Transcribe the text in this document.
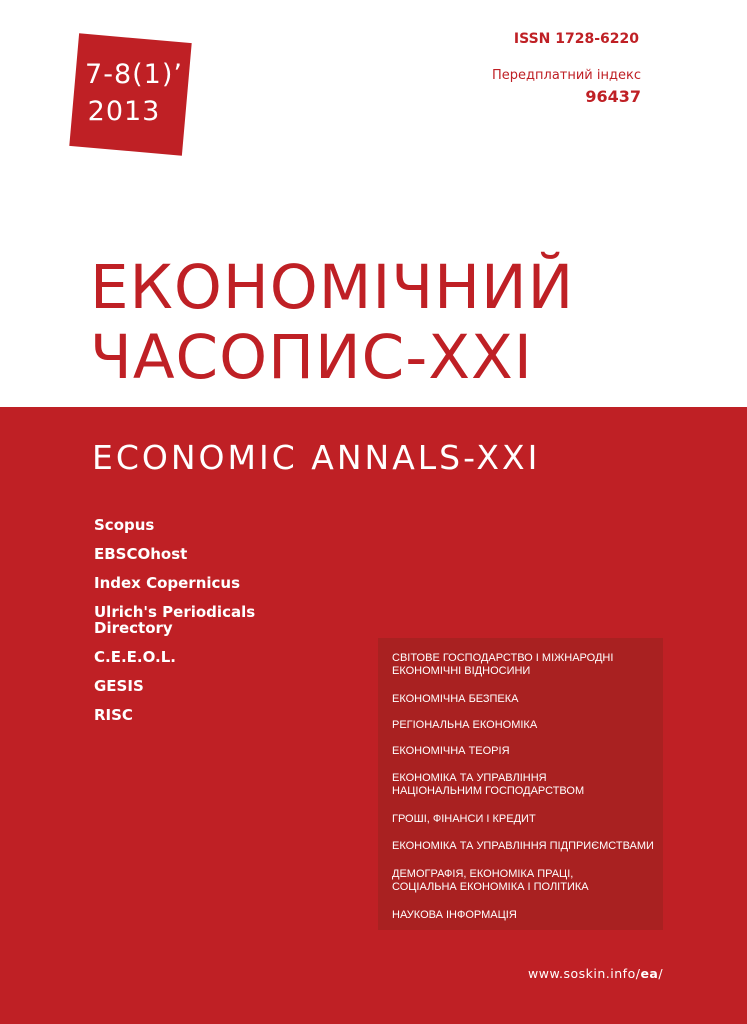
7-8(1)’
2013
ISSN 1728-6220
Передплатний індекс
96437
ЕКОНОМІЧНИЙ
ЧАСОПИС-XXI
ECONOMIC ANNALS-XXI
Scopus
EBSCOhost
Index Copernicus
Ulrich's Periodicals
Directory
C.E.E.O.L.
GESIS
RISC
СВІТОВЕ ГОСПОДАРСТВО І МІЖНАРОДНІ
ЕКОНОМІЧНІ ВІДНОСИНИ
ЕКОНОМІЧНА БЕЗПЕКА
РЕГІОНАЛЬНА ЕКОНОМІКА
ЕКОНОМІЧНА ТЕОРІЯ
ЕКОНОМІКА ТА УПРАВЛІННЯ
НАЦІОНАЛЬНИМ ГОСПОДАРСТВОМ
ГРОШІ, ФІНАНСИ І КРЕДИТ
ЕКОНОМІКА ТА УПРАВЛІННЯ ПІДПРИЄМСТВАМИ
ДЕМОГРАФІЯ, ЕКОНОМІКА ПРАЦІ,
СОЦІАЛЬНА ЕКОНОМІКА І ПОЛІТИКА
НАУКОВА ІНФОРМАЦІЯ
www.soskin.info/ea/
